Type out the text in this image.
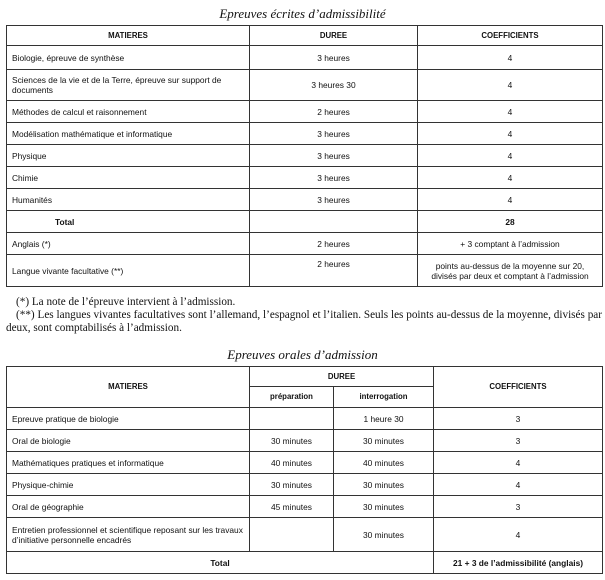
Epreuves écrites d’admissibilité
MATIERES	DUREE	COEFFICIENTS
Biologie, épreuve de synthèse	3 heures	4
Sciences de la vie et de la Terre, épreuve sur support de documents	3 heures 30	4
Méthodes de calcul et raisonnement	2 heures	4
Modélisation mathématique et informatique	3 heures	4
Physique	3 heures	4
Chimie	3 heures	4
Humanités	3 heures	4
Total		28
Anglais (*)	2 heures	+ 3 comptant à l’admission
Langue vivante facultative (**)	2 heures	points au-dessus de la moyenne sur 20, divisés par deux et comptant à l’admission

(*) La note de l’épreuve intervient à l’admission.

(**) Les langues vivantes facultatives sont l’allemand, l’espagnol et l’italien. Seuls les points au-dessus de la moyenne, divisés par deux, sont comptabilisés à l’admission.

Epreuves orales d’admission
MATIERES	DUREE		COEFFICIENTS
	préparation	interrogation	
Epreuve pratique de biologie		1 heure 30	3
Oral de biologie	30 minutes	30 minutes	3
Mathématiques pratiques et informatique	40 minutes	40 minutes	4
Physique-chimie	30 minutes	30 minutes	4
Oral de géographie	45 minutes	30 minutes	3
Entretien professionnel et scientifique reposant sur les travaux d’initiative personnelle encadrés		30 minutes	4
Total			21 + 3 de l’admissibilité (anglais)
